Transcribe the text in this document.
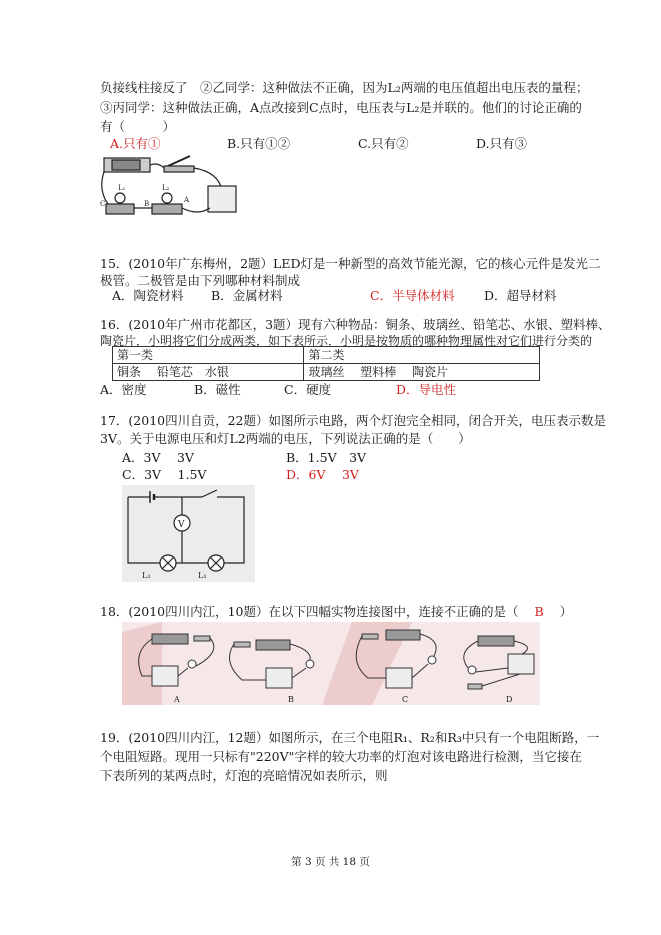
负接线柱接反了　②乙同学：这种做法不正确，因为L₂两端的电压值超出电压表的量程；
③丙同学：这种做法正确，A点改接到C点时，电压表与L₂是并联的。他们的讨论正确的
有（　　　）
A.只有①	B.只有①②	C.只有②	D.只有③
L₁	L₂
C	B	A
15．(2010年广东梅州，2题）LED灯是一种新型的高效节能光源，它的核心元件是发光二
极管。二极管是由下列哪种材料制成
A．陶瓷材料 B．金属材料	C．半导体材料 D．超导材料
16．(2010年广州市花都区，3题）现有六种物品：铜条、玻璃丝、铅笔芯、水银、塑料棒、
陶瓷片．小明将它们分成两类，如下表所示．小明是按物质的哪种物理属性对它们进行分类的
第一类	第二类
铜条　 铅笔芯　水银	玻璃丝　 塑料棒　 陶瓷片
A．密度	B．磁性	C．硬度	D．导电性
17．(2010四川自贡，22题）如图所示电路，两个灯泡完全相同，闭合开关，电压表示数是
3V。关于电源电压和灯L2两端的电压，下列说法正确的是（　　）
A．3V　 3V	B．1.5V　3V
C．3V　 1.5V	D．6V　 3V
V
L₂	L₁
18．(2010四川内江，10题）在以下四幅实物连接图中，连接不正确的是（ B ）
A	B	C	D
19．(2010四川内江，12题）如图所示，在三个电阻R₁、R₂和R₃中只有一个电阻断路，一
个电阻短路。现用一只标有"220V"字样的较大功率的灯泡对该电路进行检测，当它接在
下表所列的某两点时，灯泡的亮暗情况如表所示，则
第 3 页 共 18 页
